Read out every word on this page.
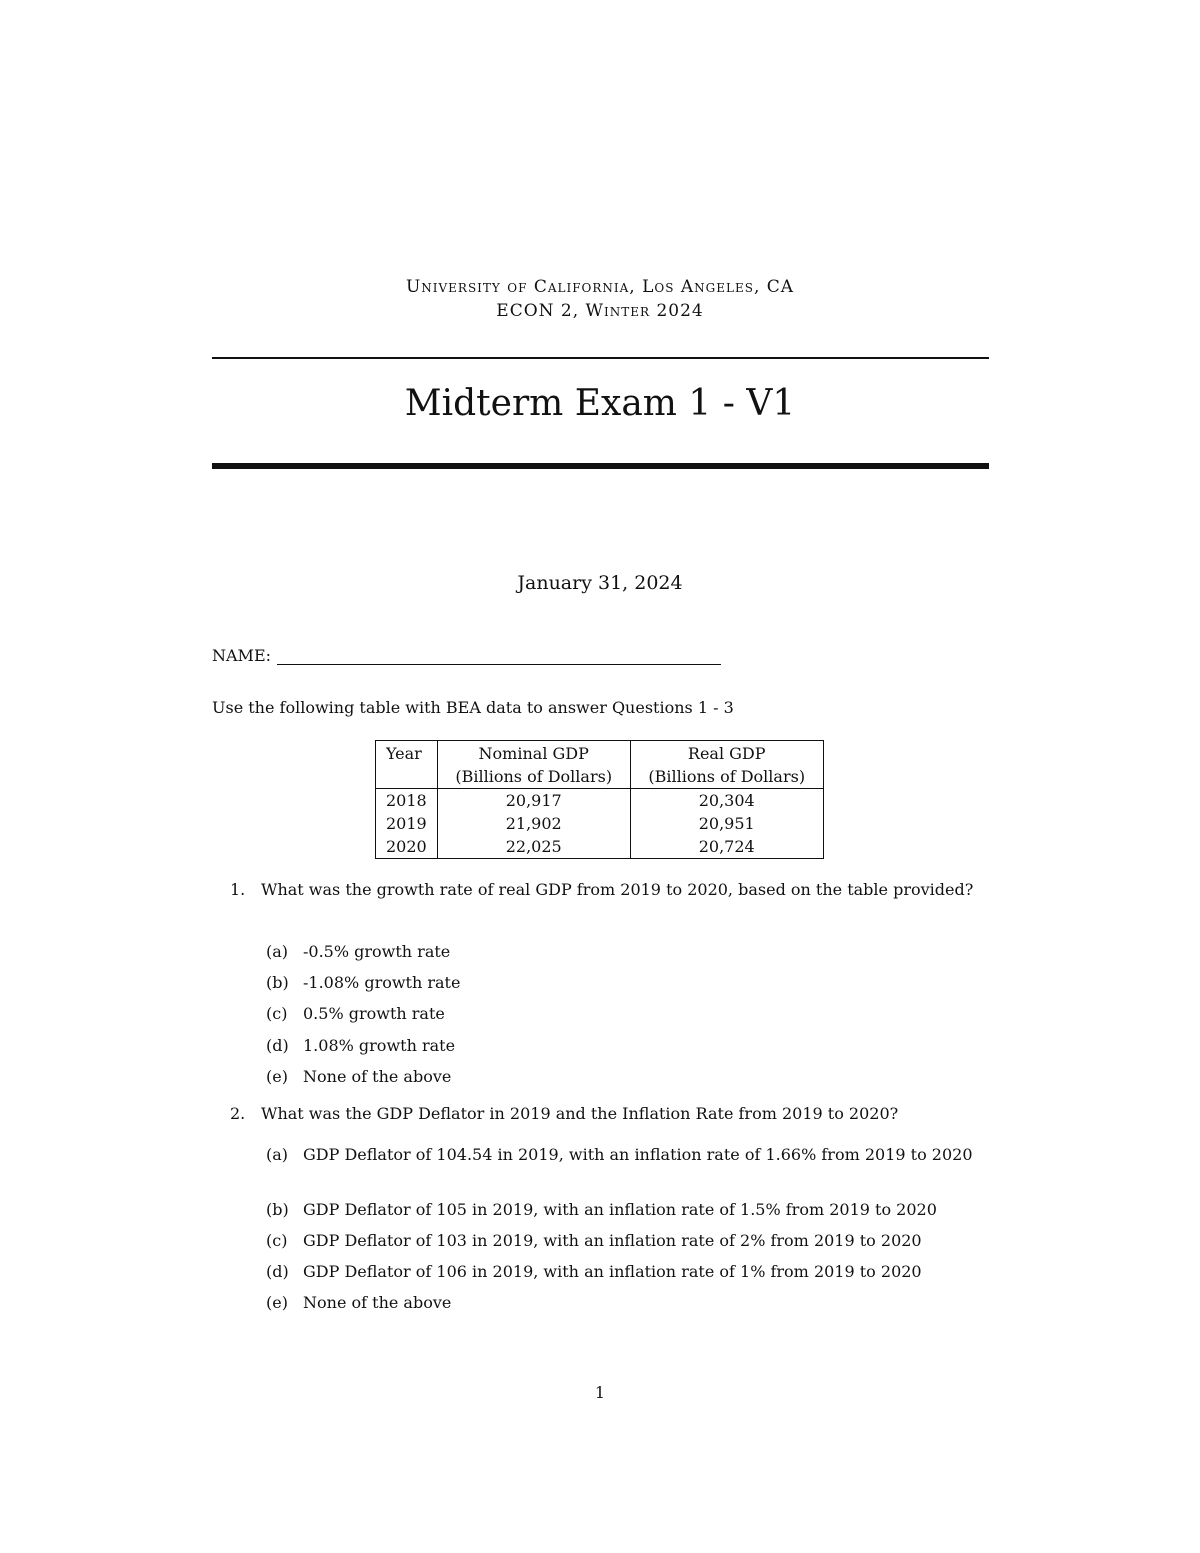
University of California, Los Angeles, CA
ECON 2, Winter 2024
Midterm Exam 1 - V1
January 31, 2024
NAME:
Use the following table with BEA data to answer Questions 1 - 3
Year	Nominal GDP	Real GDP
	(Billions of Dollars)	(Billions of Dollars)
2018	20,917	20,304
2019	21,902	20,951
2020	22,025	20,724
1. What was the growth rate of real GDP from 2019 to 2020, based on the table provided?
(a) -0.5% growth rate
(b) -1.08% growth rate
(c) 0.5% growth rate
(d) 1.08% growth rate
(e) None of the above
2. What was the GDP Deflator in 2019 and the Inflation Rate from 2019 to 2020?
(a) GDP Deflator of 104.54 in 2019, with an inflation rate of 1.66% from 2019 to 2020
(b) GDP Deflator of 105 in 2019, with an inflation rate of 1.5% from 2019 to 2020
(c) GDP Deflator of 103 in 2019, with an inflation rate of 2% from 2019 to 2020
(d) GDP Deflator of 106 in 2019, with an inflation rate of 1% from 2019 to 2020
(e) None of the above
1
